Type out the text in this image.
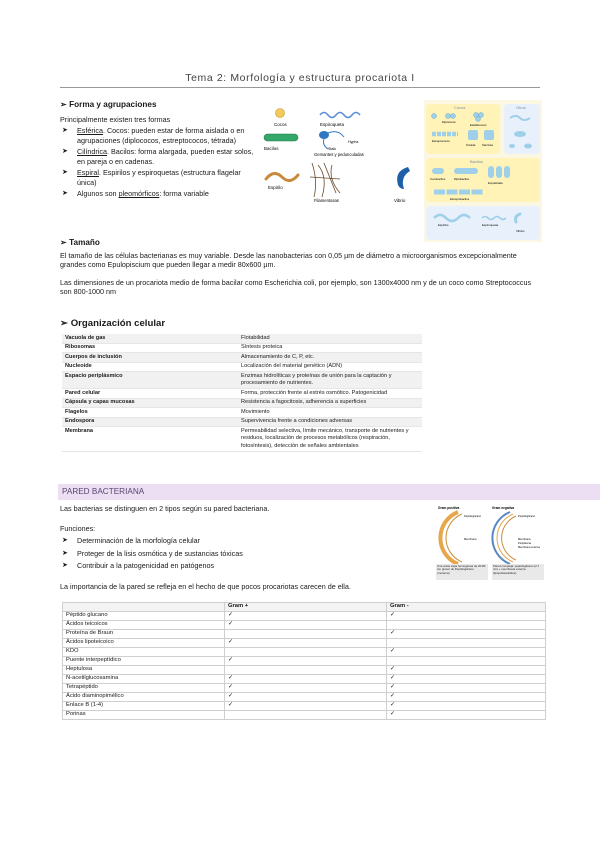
Tema 2: Morfología y estructura procariota I
➢ Forma y agrupaciones
Principalmente existen tres formas
➤ Esférica. Cocos: pueden estar de forma aislada o en agrupaciones (diplococos, estreptococos, tétrada)
➤ Cilíndrica. Bacilos: forma alargada, pueden estar solos, en pareja o en cadenas.
➤ Espiral. Espirilos y espiroquetas (estructura flagelar única)
➤ Algunos son pleomórficos: forma variable
Cocos	Espiroqueta
Bacilos
Hypha
Stalk
Gemantes y pedunculadas
Espirilo
Filamentosas	Vibrio
Cocos	Otros
Bacilos
Diplococos
Estafilococos
Estreptococos
Tetrada Sarcinas
Cocobacilos	Diplobacilos
Empalizada
Estreptobacilos
Espirilos	Espiroquetas
Vibrios
➢ Tamaño
El tamaño de las células bacterianas es muy variable. Desde las nanobacterias con 0,05 µm de diámetro a microorganismos excepcionalmente grandes como Epulopiscium que pueden llegar a medir 80x600 µm.
Las dimensiones de un procariota medio de forma bacilar como Escherichia coli, por ejemplo, son 1300x4000 nm y de un coco como Streptococcus son 800-1000 nm
➢ Organización celular
Vacuola de gas	Flotabilidad
Ribosomas	Síntesis proteica
Cuerpos de inclusión	Almacenamiento de C, P, etc.
Nucleoide	Localización del material genético (ADN)
Espacio periplásmico	Enzimas hidrolíticas y proteínas de unión para la captación y procesamiento de nutrientes.
Pared celular	Forma, protección frente al estrés osmótico. Patogenicidad
Cápsula y capas mucosas	Resistencia a fagocitosis, adherencia a superficies
Flagelos	Movimiento
Endospora	Supervivencia frente a condiciones adversas
Membrana	Permeabilidad selectiva, límite mecánico, transporte de nutrientes y residuos, localización de procesos metabólicos (respiración, fotosíntesis), detección de señales ambientales
PARED BACTERIANA
Las bacterias se distinguen en 2 tipos según su pared bacteriana.
Funciones:
➤ Determinación de la morfología celular
➤ Proteger de la lisis osmótica y de sustancias tóxicas
➤ Contribuir a la patogenicidad en patógenos
La importancia de la pared se refleja en el hecho de que pocos procariotas carecen de ella.
Gram positiva	Gram negativa
Peptidoglicano
Membrana
Peptidoglicano
Membrana
Periplasma
Membrana externa
Una única capa homogénea de 20-80 nm grosor de Peptidoglicano (mureína)
Pared compleja: peptidoglicano (2-7 nm) + membrana externa (lipopolisacáridos)
	Gram +	Gram -
Péptido glucano	✓	✓
Ácidos teicoicos	✓	
Proteína de Braun		✓
Ácidos lipoteicoico	✓	
KDO		✓
Puente interpeptídico	✓	
Heptulosa		✓
N-acetilglucosamina	✓	✓
Tetrapéptido	✓	✓
Ácido diaminopimélico	✓	✓
Enlace B (1-4)	✓	✓
Porinas		✓
